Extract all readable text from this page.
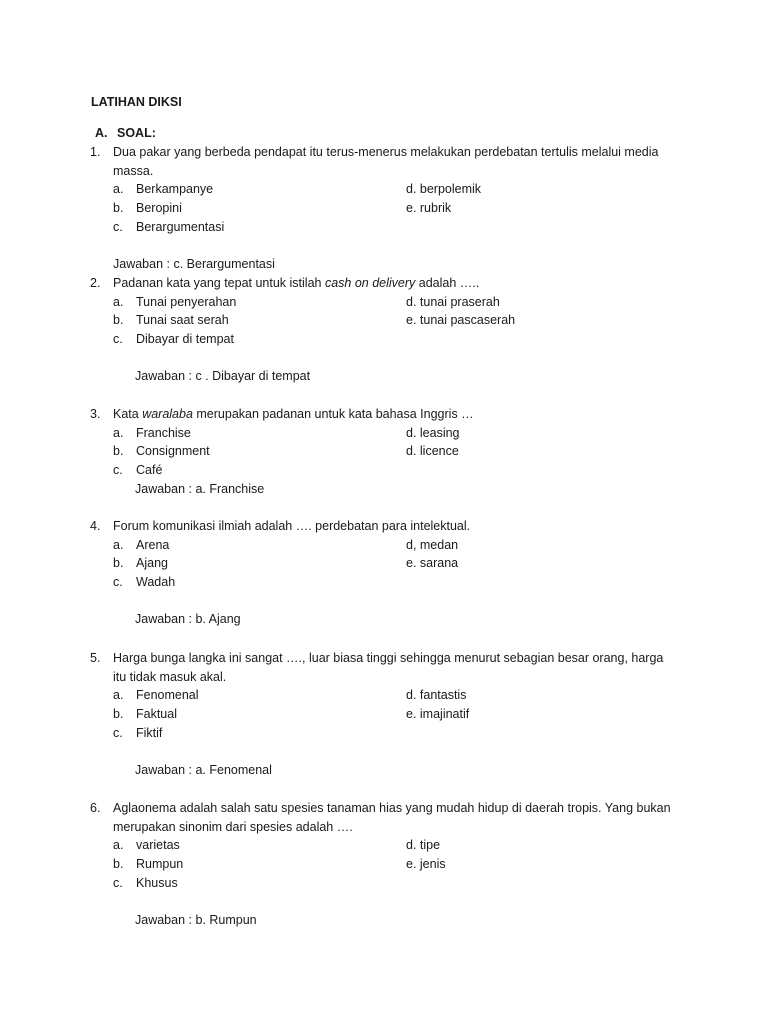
LATIHAN DIKSI
A. SOAL:
1. Dua pakar yang berbeda pendapat itu terus-menerus melakukan perdebatan tertulis melalui media
massa.
a. Berkampanye	d. berpolemik
b. Beropini	e. rubrik
c. Berargumentasi
Jawaban : c. Berargumentasi
2. Padanan kata yang tepat untuk istilah cash on delivery adalah …..
a. Tunai penyerahan	d. tunai praserah
b. Tunai saat serah	e. tunai pascaserah
c. Dibayar di tempat
Jawaban : c . Dibayar di tempat
3. Kata waralaba merupakan padanan untuk kata bahasa Inggris …
a. Franchise	d. leasing
b. Consignment	d. licence
c. Café
Jawaban : a. Franchise
4. Forum komunikasi ilmiah adalah …. perdebatan para intelektual.
a. Arena	d, medan
b. Ajang	e. sarana
c. Wadah
Jawaban : b. Ajang
5. Harga bunga langka ini sangat …., luar biasa tinggi sehingga menurut sebagian besar orang, harga
itu tidak masuk akal.
a. Fenomenal	d. fantastis
b. Faktual	e. imajinatif
c. Fiktif
Jawaban : a. Fenomenal
6. Aglaonema adalah salah satu spesies tanaman hias yang mudah hidup di daerah tropis. Yang bukan
merupakan sinonim dari spesies adalah ….
a. varietas	d. tipe
b. Rumpun	e. jenis
c. Khusus
Jawaban : b. Rumpun
